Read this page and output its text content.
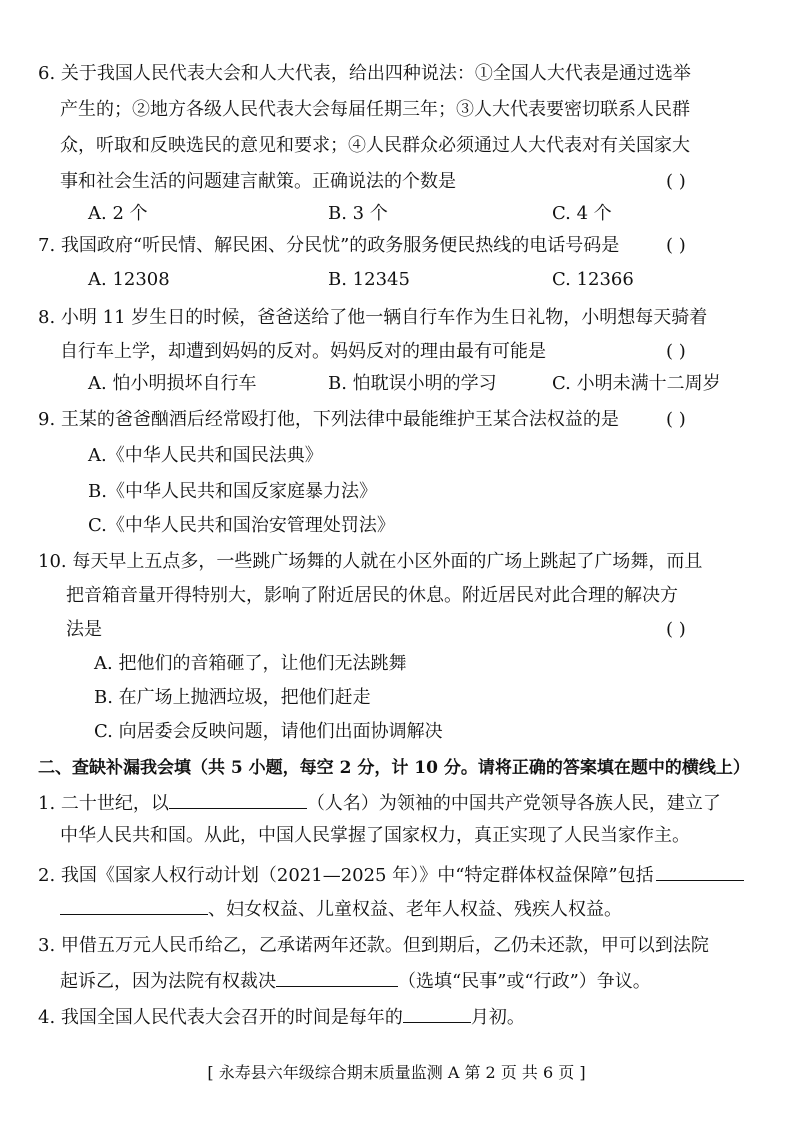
6. 关于我国人民代表大会和人大代表，给出四种说法：①全国人大代表是通过选举
产生的；②地方各级人民代表大会每届任期三年；③人大代表要密切联系人民群
众，听取和反映选民的意见和要求；④人民群众必须通过人大代表对有关国家大
事和社会生活的问题建言献策。正确说法的个数是	( )
A. 2 个	B. 3 个	C. 4 个
7. 我国政府“听民情、解民困、分民忧”的政务服务便民热线的电话号码是	( )
A. 12308	B. 12345	C. 12366
8. 小明 11 岁生日的时候，爸爸送给了他一辆自行车作为生日礼物，小明想每天骑着
自行车上学，却遭到妈妈的反对。妈妈反对的理由最有可能是	( )
A. 怕小明损坏自行车	B. 怕耽误小明的学习	C. 小明未满十二周岁
9. 王某的爸爸酗酒后经常殴打他，下列法律中最能维护王某合法权益的是	( )
A.《中华人民共和国民法典》
B.《中华人民共和国反家庭暴力法》
C.《中华人民共和国治安管理处罚法》
10. 每天早上五点多，一些跳广场舞的人就在小区外面的广场上跳起了广场舞，而且
把音箱音量开得特别大，影响了附近居民的休息。附近居民对此合理的解决方
法是	( )
A. 把他们的音箱砸了，让他们无法跳舞
B. 在广场上抛洒垃圾，把他们赶走
C. 向居委会反映问题，请他们出面协调解决
二、查缺补漏我会填（共 5 小题，每空 2 分，计 10 分。请将正确的答案填在题中的横线上）
1. 二十世纪，以	（人名）为领袖的中国共产党领导各族人民，建立了
中华人民共和国。从此，中国人民掌握了国家权力，真正实现了人民当家作主。
2. 我国《国家人权行动计划（2021—2025 年）》中“特定群体权益保障”包括
、妇女权益、儿童权益、老年人权益、残疾人权益。
3. 甲借五万元人民币给乙，乙承诺两年还款。但到期后，乙仍未还款，甲可以到法院
起诉乙，因为法院有权裁决	（选填“民事”或“行政”）争议。
4. 我国全国人民代表大会召开的时间是每年的	月初。
[ 永寿县六年级综合期末质量监测 A 第 2 页 共 6 页 ]
